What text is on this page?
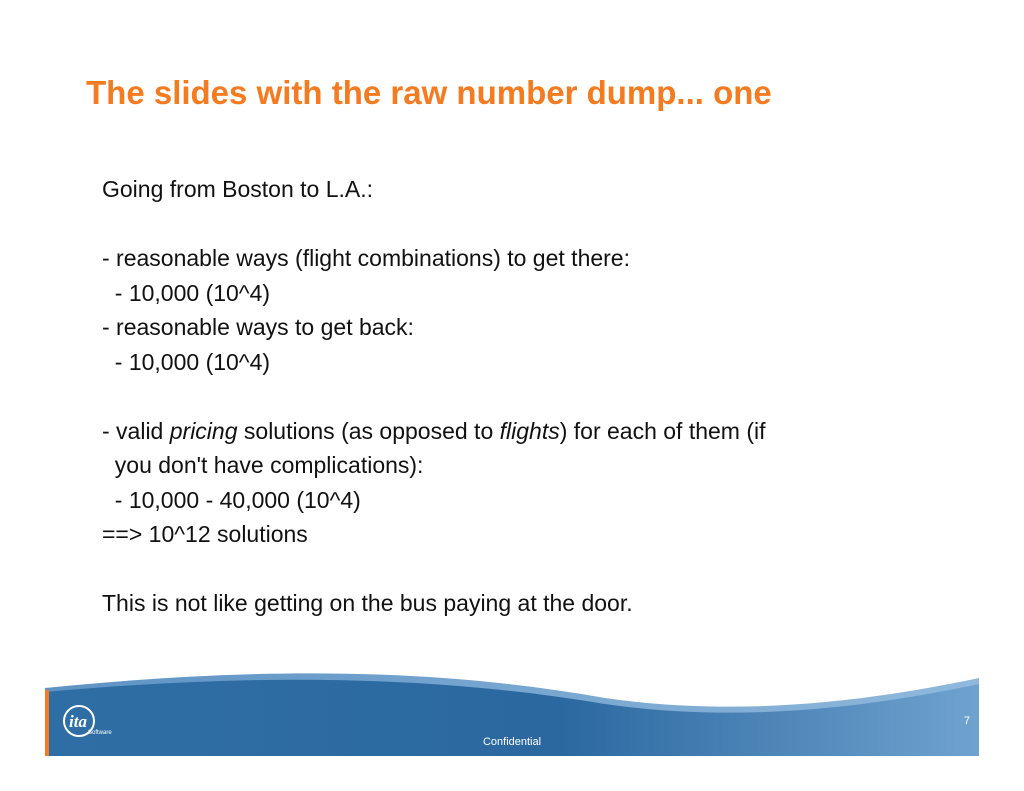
The slides with the raw number dump... one
Going from Boston to L.A.:
- reasonable ways (flight combinations) to get there:
- 10,000 (10^4)
- reasonable ways to get back:
- 10,000 (10^4)
- valid pricing solutions (as opposed to flights) for each of them (if
you don't have complications):
- 10,000 - 40,000 (10^4)
==> 10^12 solutions
This is not like getting on the bus paying at the door.
ita
Software
7
Confidential
